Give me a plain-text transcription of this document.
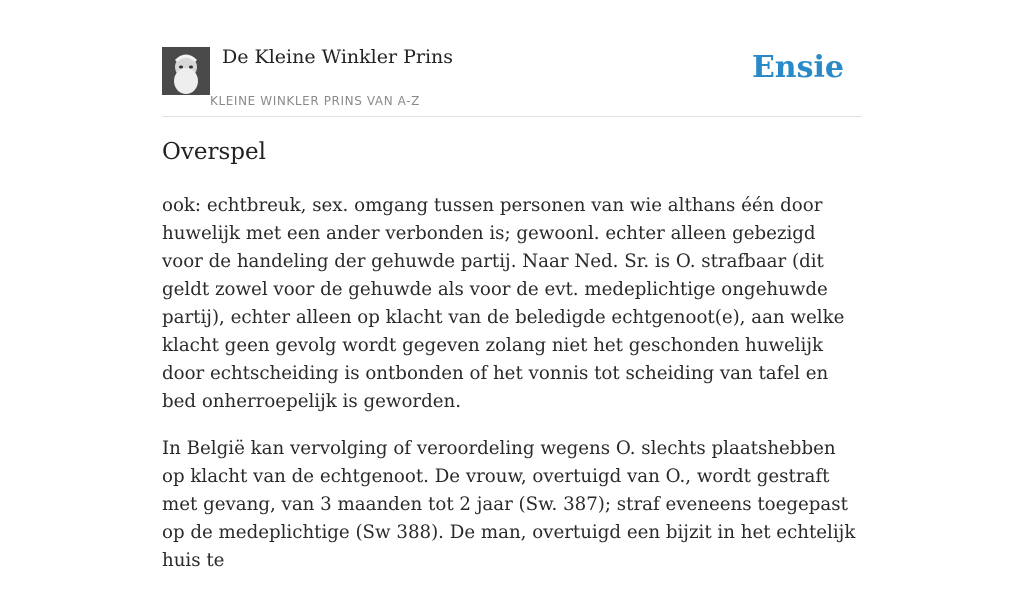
De Kleine Winkler Prins
KLEINE WINKLER PRINS VAN A-Z
Ensie
Overspel

ook: echtbreuk, sex. omgang tussen personen van wie althans één door huwelijk met een ander verbonden is; gewoonl. echter alleen gebezigd voor de handeling der gehuwde partij. Naar Ned. Sr. is O. strafbaar (dit geldt zowel voor de gehuwde als voor de evt. medeplichtige ongehuwde partij), echter alleen op klacht van de beledigde echtgenoot(e), aan welke klacht geen gevolg wordt gegeven zolang niet het geschonden huwelijk door echtscheiding is ontbonden of het vonnis tot scheiding van tafel en bed onherroepelijk is geworden.

In België kan vervolging of veroordeling wegens O. slechts plaatshebben op klacht van de echtgenoot. De vrouw, overtuigd van O., wordt gestraft met gevang, van 3 maanden tot 2 jaar (Sw. 387); straf eveneens toegepast op de medeplichtige (Sw 388). De man, overtuigd een bijzit in het echtelijk huis te
